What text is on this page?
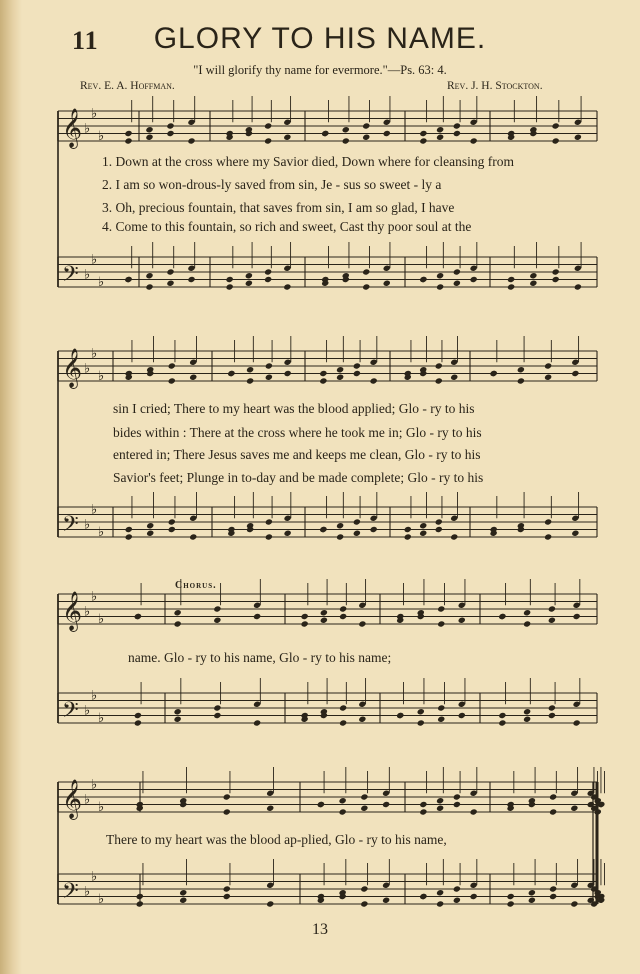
11	GLORY TO HIS NAME.
"I will glorify thy name for evermore."—Ps. 63: 4.
Rev. E. A. Hoffman.	Rev. J. H. Stockton.
𝄞 ♭
♭
♭
𝄢 ♭
♭
♭
𝄞 ♭
♭
♭
𝄢 ♭
♭
♭
𝄞 ♭
♭
♭
𝄢 ♭
♭
♭
𝄞 ♭
♭
♭
𝄢 ♭
♭
♭
1. Down at the cross where my Savior died, Down where for cleansing from
2. I am so won-drous-ly saved from sin, Je - sus so sweet - ly a
3. Oh, precious fountain, that saves from sin, I am so glad, I have
4. Come to this fountain, so rich and sweet, Cast thy poor soul at the
sin I cried; There to my heart was the blood applied; Glo - ry to his
bides within : There at the cross where he took me in; Glo - ry to his
entered in; There Jesus saves me and keeps me clean, Glo - ry to his
Savior's feet; Plunge in to-day and be made complete; Glo - ry to his
Chorus.
name. Glo - ry to his name, Glo - ry to his name;
There to my heart was the blood ap-plied, Glo - ry to his name,
13
